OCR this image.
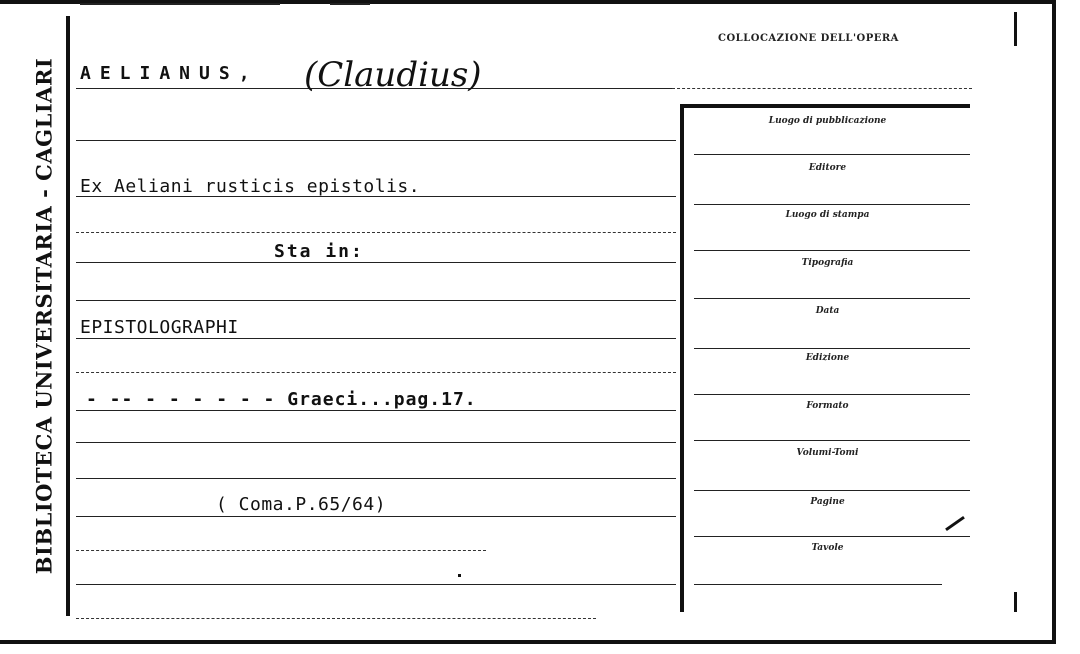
BIBLIOTECA UNIVERSITARIA - CAGLIARI AELIANUS, (Claudius)
Ex Aeliani rusticis epistolis.
Sta in:
EPISTOLOGRAPHI
- -- - - - - - - Graeci...pag.17.
( Coma.P.65/64)
COLLOCAZIONE DELL'OPERA
Luogo di pubblicazione
Editore
Luogo di stampa
Tipografia
Data
Edizione
Formato
Volumi-Tomi
Pagine
Tavole
